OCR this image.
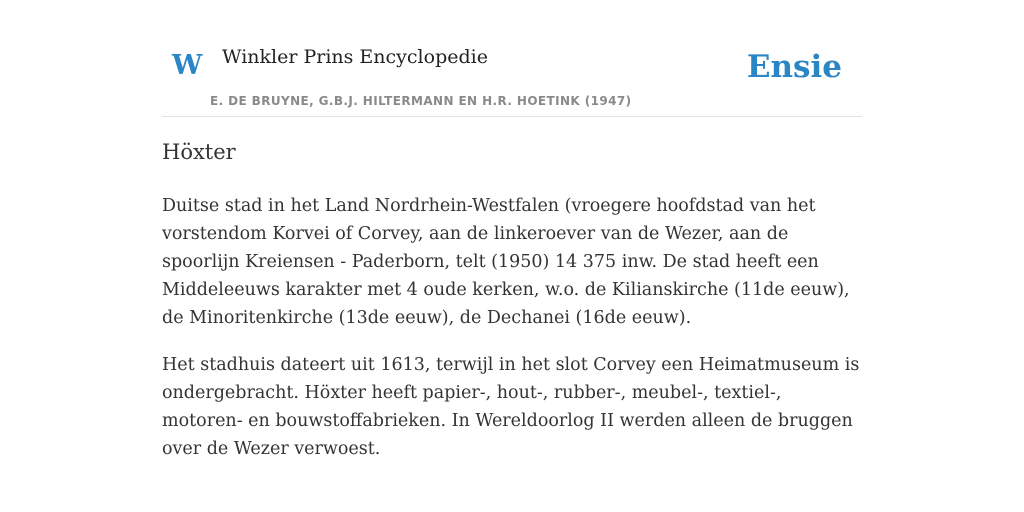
W Winkler Prins Encyclopedie
E. DE BRUYNE, G.B.J. HILTERMANN EN H.R. HOETINK (1947)
Ensie
Höxter

Duitse stad in het Land Nordrhein-Westfalen (vroegere hoofdstad van het vorstendom Korvei of Corvey, aan de linkeroever van de Wezer, aan de spoorlijn Kreiensen - Paderborn, telt (1950) 14 375 inw. De stad heeft een Middeleeuws karakter met 4 oude kerken, w.o. de Kilianskirche (11de eeuw), de Minoritenkirche (13de eeuw), de Dechanei (16de eeuw).

Het stadhuis dateert uit 1613, terwijl in het slot Corvey een Heimatmuseum is ondergebracht. Höxter heeft papier-, hout-, rubber-, meubel-, textiel-, motoren- en bouwstoffabrieken. In Wereldoorlog II werden alleen de bruggen over de Wezer verwoest.
